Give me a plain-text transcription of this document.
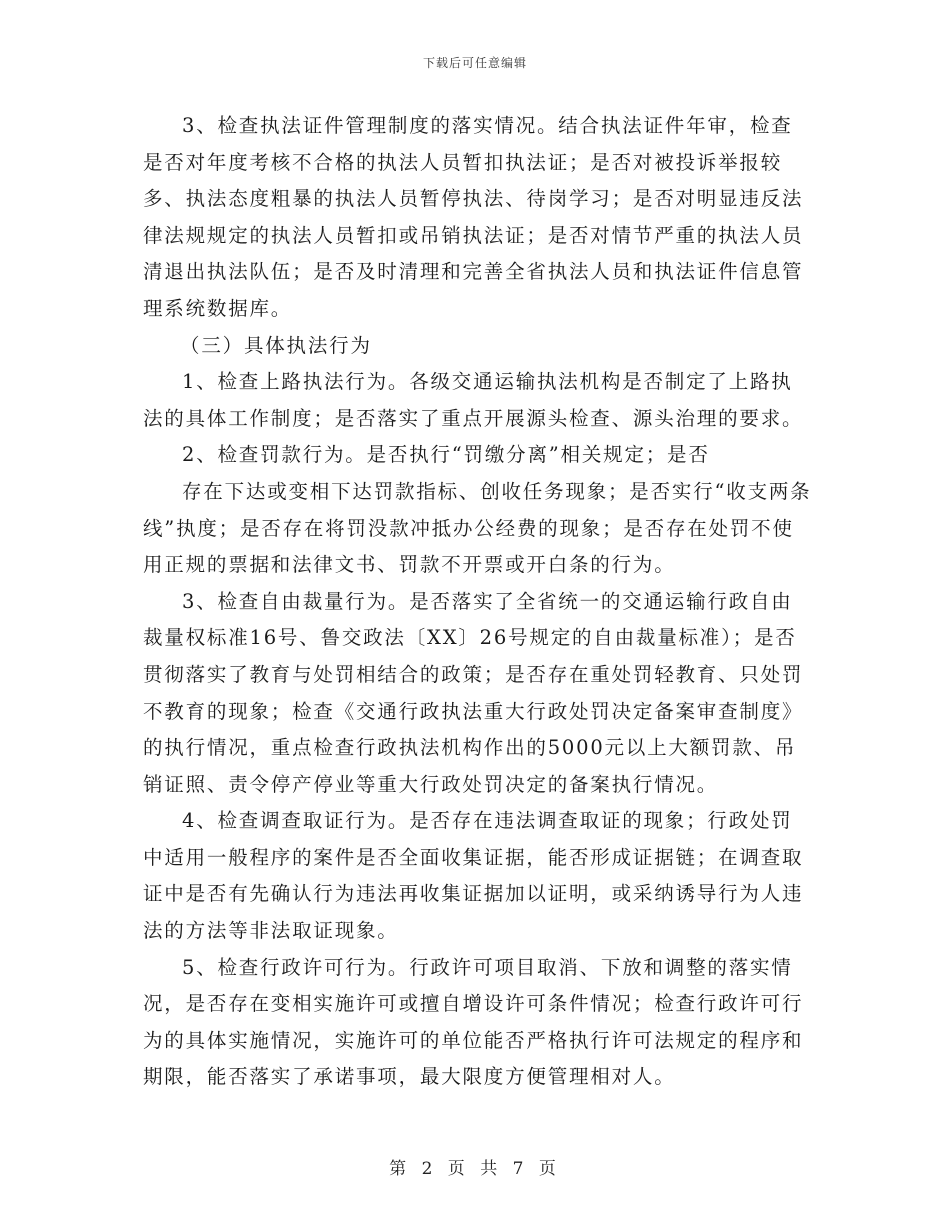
下载后可任意编辑

3、检查执法证件管理制度的落实情况。结合执法证件年审，检查是否对年度考核不合格的执法人员暂扣执法证；是否对被投诉举报较多、执法态度粗暴的执法人员暂停执法、待岗学习；是否对明显违反法律法规规定的执法人员暂扣或吊销执法证；是否对情节严重的执法人员清退出执法队伍；是否及时清理和完善全省执法人员和执法证件信息管理系统数据库。

（三）具体执法行为

1、检查上路执法行为。各级交通运输执法机构是否制定了上路执法的具体工作制度；是否落实了重点开展源头检查、源头治理的要求。

2、检查罚款行为。是否执行“罚缴分离”相关规定；是否

存在下达或变相下达罚款指标、创收任务现象；是否实行“收支两条线”执度；是否存在将罚没款冲抵办公经费的现象；是否存在处罚不使用正规的票据和法律文书、罚款不开票或开白条的行为。

3、检查自由裁量行为。是否落实了全省统一的交通运输行政自由裁量权标准16号、鲁交政法〔XX〕26号规定的自由裁量标准）；是否贯彻落实了教育与处罚相结合的政策；是否存在重处罚轻教育、只处罚不教育的现象；检查《交通行政执法重大行政处罚决定备案审查制度》的执行情况，重点检查行政执法机构作出的5000元以上大额罚款、吊销证照、责令停产停业等重大行政处罚决定的备案执行情况。

4、检查调查取证行为。是否存在违法调查取证的现象；行政处罚中适用一般程序的案件是否全面收集证据，能否形成证据链；在调查取证中是否有先确认行为违法再收集证据加以证明，或采纳诱导行为人违法的方法等非法取证现象。

5、检查行政许可行为。行政许可项目取消、下放和调整的落实情况，是否存在变相实施许可或擅自增设许可条件情况；检查行政许可行为的具体实施情况，实施许可的单位能否严格执行许可法规定的程序和期限，能否落实了承诺事项，最大限度方便管理相对人。

第 2 页 共 7 页
